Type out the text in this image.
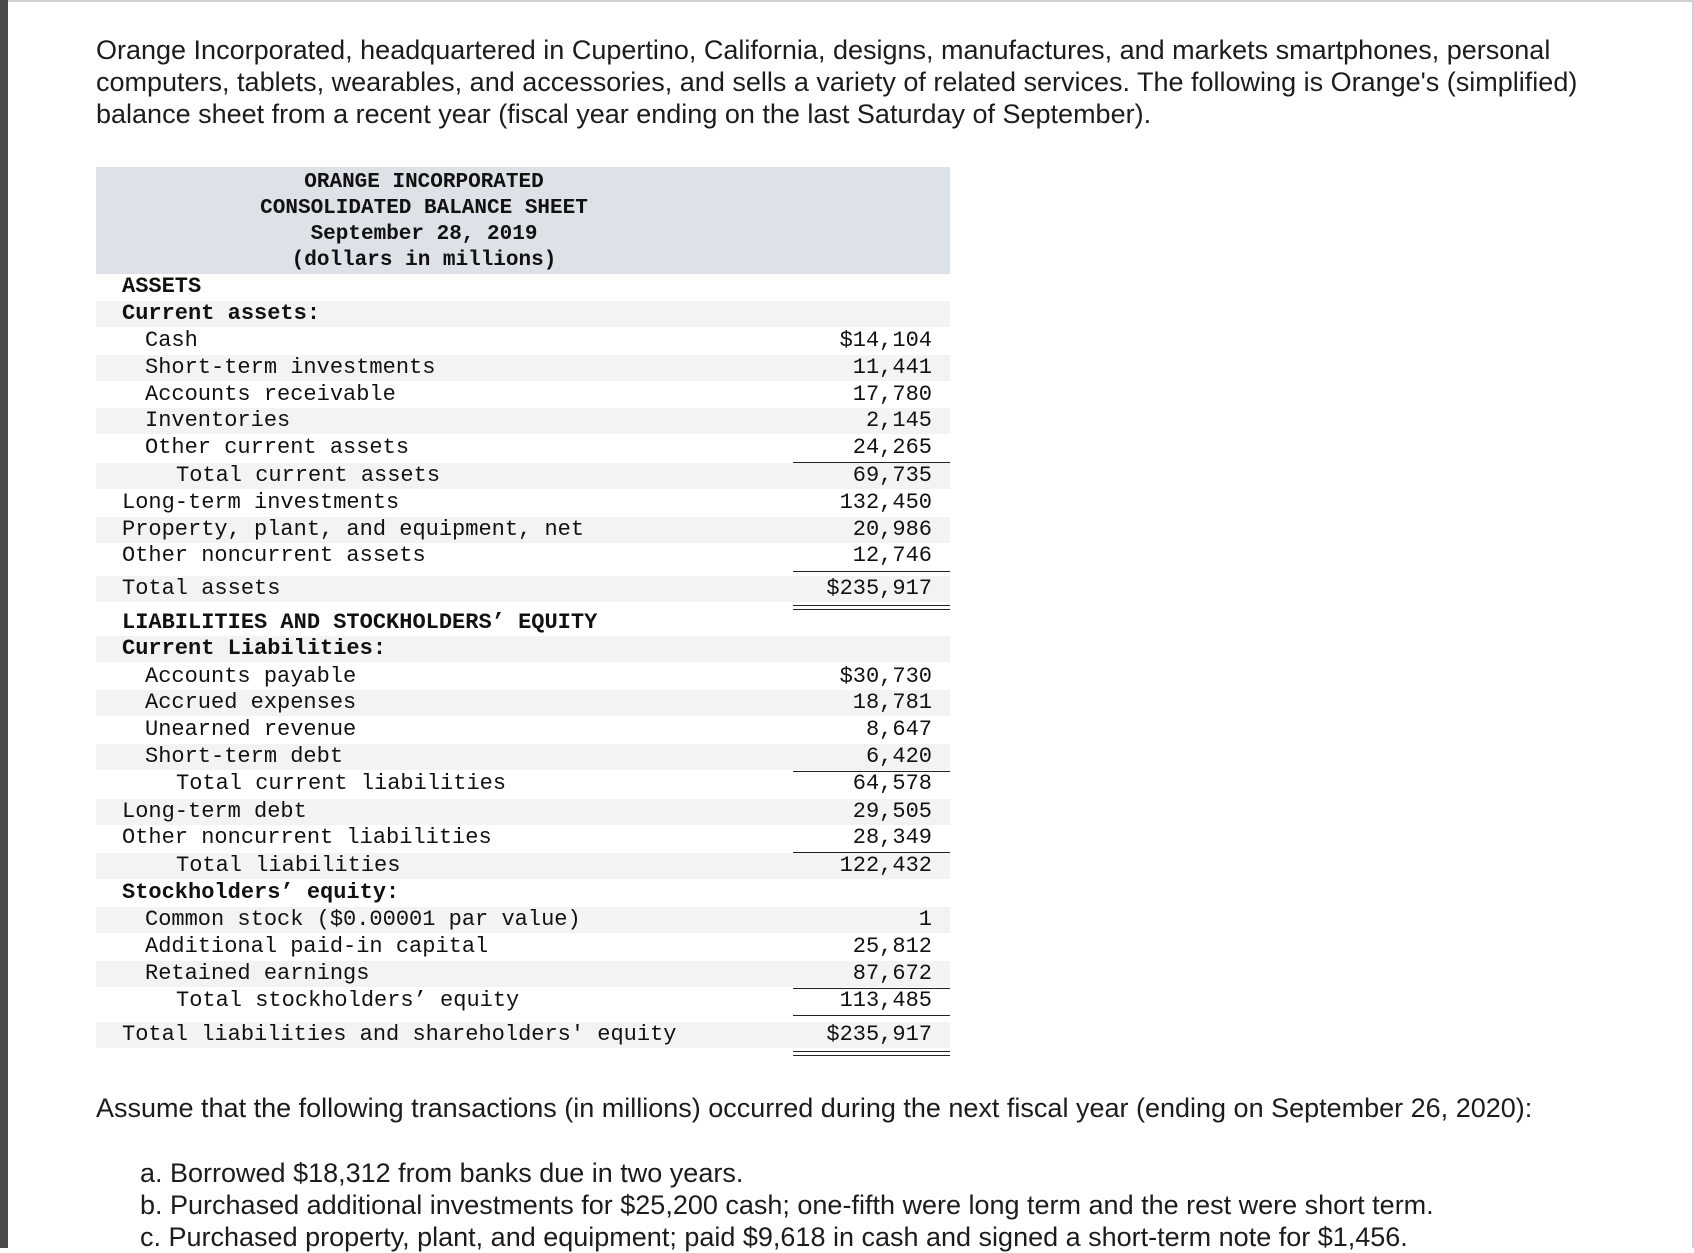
Orange Incorporated, headquartered in Cupertino, California, designs, manufactures, and markets smartphones, personal computers, tablets, wearables, and accessories, and sells a variety of related services. The following is Orange's (simplified) balance sheet from a recent year (fiscal year ending on the last Saturday of September).

ORANGE INCORPORATED
CONSOLIDATED BALANCE SHEET
September 28, 2019
(dollars in millions)
ASSETS
Current assets:
Cash	$14,104
Short-term investments	11,441
Accounts receivable	17,780
Inventories	2,145
Other current assets	24,265
Total current assets	69,735
Long-term investments	132,450
Property, plant, and equipment, net	20,986
Other noncurrent assets	12,746
Total assets	$235,917
LIABILITIES AND STOCKHOLDERS’ EQUITY
Current Liabilities:
Accounts payable	$30,730
Accrued expenses	18,781
Unearned revenue	8,647
Short-term debt	6,420
Total current liabilities	64,578
Long-term debt	29,505
Other noncurrent liabilities	28,349
Total liabilities	122,432
Stockholders’ equity:
Common stock ($0.00001 par value)	1
Additional paid-in capital	25,812
Retained earnings	87,672
Total stockholders’ equity	113,485
Total liabilities and shareholders' equity	$235,917

Assume that the following transactions (in millions) occurred during the next fiscal year (ending on September 26, 2020):

a. Borrowed $18,312 from banks due in two years.
b. Purchased additional investments for $25,200 cash; one-fifth were long term and the rest were short term.
c. Purchased property, plant, and equipment; paid $9,618 in cash and signed a short-term note for $1,456.
